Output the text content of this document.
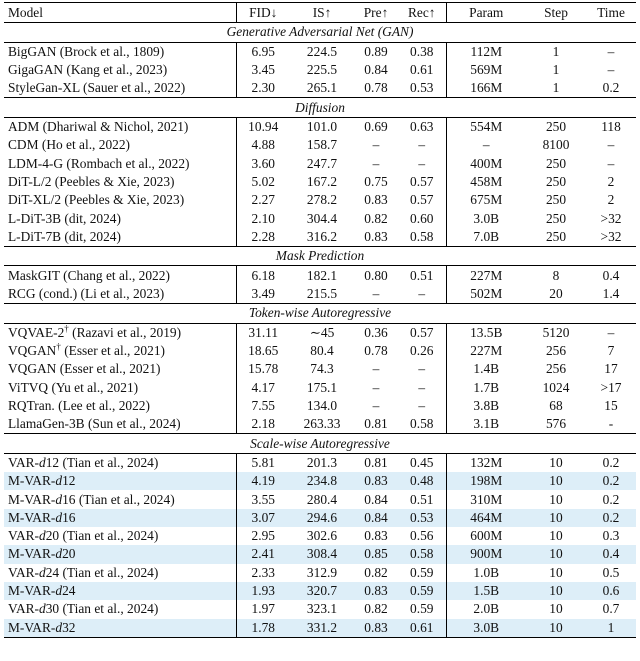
Model	FID↓	IS↑	Pre↑	Rec↑	Param	Step	Time
Generative Adversarial Net (GAN)							
BigGAN (Brock et al., 1809)	6.95	224.5	0.89	0.38	112M	1	–
GigaGAN (Kang et al., 2023)	3.45	225.5	0.84	0.61	569M	1	–
StyleGan-XL (Sauer et al., 2022)	2.30	265.1	0.78	0.53	166M	1	0.2
Diffusion							
ADM (Dhariwal & Nichol, 2021)	10.94	101.0	0.69	0.63	554M	250	118
CDM (Ho et al., 2022)	4.88	158.7	–	–	–	8100	–
LDM-4-G (Rombach et al., 2022)	3.60	247.7	–	–	400M	250	–
DiT-L/2 (Peebles & Xie, 2023)	5.02	167.2	0.75	0.57	458M	250	2
DiT-XL/2 (Peebles & Xie, 2023)	2.27	278.2	0.83	0.57	675M	250	2
L-DiT-3B (dit, 2024)	2.10	304.4	0.82	0.60	3.0B	250	>32
L-DiT-7B (dit, 2024)	2.28	316.2	0.83	0.58	7.0B	250	>32
Mask Prediction							
MaskGIT (Chang et al., 2022)	6.18	182.1	0.80	0.51	227M	8	0.4
RCG (cond.) (Li et al., 2023)	3.49	215.5	–	–	502M	20	1.4
Token-wise Autoregressive							
VQVAE-2† (Razavi et al., 2019)	31.11	∼45	0.36	0.57	13.5B	5120	–
VQGAN† (Esser et al., 2021)	18.65	80.4	0.78	0.26	227M	256	7
VQGAN (Esser et al., 2021)	15.78	74.3	–	–	1.4B	256	17
ViTVQ (Yu et al., 2021)	4.17	175.1	–	–	1.7B	1024	>17
RQTran. (Lee et al., 2022)	7.55	134.0	–	–	3.8B	68	15
LlamaGen-3B (Sun et al., 2024)	2.18	263.33	0.81	0.58	3.1B	576	-
Scale-wise Autoregressive							
VAR-d12 (Tian et al., 2024)	5.81	201.3	0.81	0.45	132M	10	0.2
M-VAR-d12	4.19	234.8	0.83	0.48	198M	10	0.2
M-VAR-d16 (Tian et al., 2024)	3.55	280.4	0.84	0.51	310M	10	0.2
M-VAR-d16	3.07	294.6	0.84	0.53	464M	10	0.2
VAR-d20 (Tian et al., 2024)	2.95	302.6	0.83	0.56	600M	10	0.3
M-VAR-d20	2.41	308.4	0.85	0.58	900M	10	0.4
VAR-d24 (Tian et al., 2024)	2.33	312.9	0.82	0.59	1.0B	10	0.5
M-VAR-d24	1.93	320.7	0.83	0.59	1.5B	10	0.6
VAR-d30 (Tian et al., 2024)	1.97	323.1	0.82	0.59	2.0B	10	0.7
M-VAR-d32	1.78	331.2	0.83	0.61	3.0B	10	1
